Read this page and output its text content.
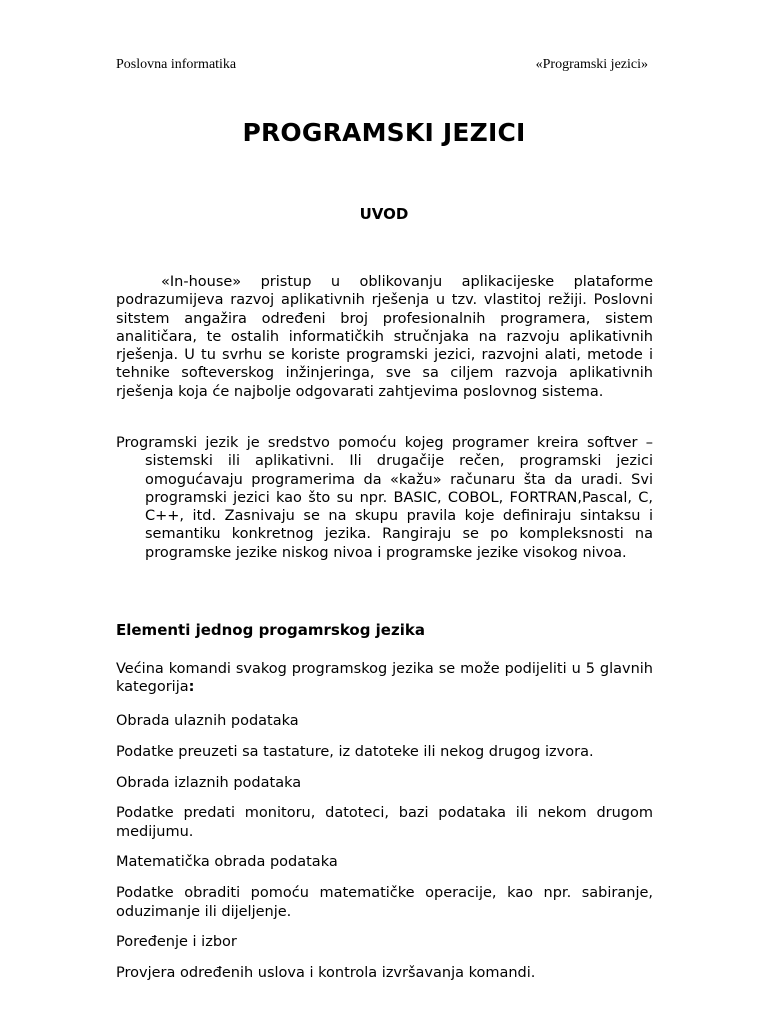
Poslovna informatika	«Programski jezici»
PROGRAMSKI JEZICI
UVOD

«In-house» pristup u oblikovanju aplikacijeske plataforme podrazumijeva razvoj aplikativnih rješenja u tzv. vlastitoj režiji. Poslovni sitstem angažira određeni broj profesionalnih programera, sistem analitičara, te ostalih informatičkih stručnjaka na razvoju aplikativnih rješenja. U tu svrhu se koriste programski jezici, razvojni alati, metode i tehnike softeverskog inžinjeringa, sve sa ciljem razvoja aplikativnih rješenja koja će najbolje odgovarati zahtjevima poslovnog sistema.

Programski jezik je sredstvo pomoću kojeg programer kreira softver – sistemski ili aplikativni. Ili drugačije rečen, programski jezici omogućavaju programerima da «kažu» računaru šta da uradi. Svi programski jezici kao što su npr. BASIC, COBOL, FORTRAN,Pascal, C, C++, itd. Zasnivaju se na skupu pravila koje definiraju sintaksu i semantiku konkretnog jezika. Rangiraju se po kompleksnosti na programske jezike niskog nivoa i programske jezike visokog nivoa.

Elementi jednog progamrskog jezika

Većina komandi svakog programskog jezika se može podijeliti u 5 glavnih kategorija:

Obrada ulaznih podataka

Podatke preuzeti sa tastature, iz datoteke ili nekog drugog izvora.

Obrada izlaznih podataka

Podatke predati monitoru, datoteci, bazi podataka ili nekom drugom medijumu.

Matematička obrada podataka

Podatke obraditi pomoću matematičke operacije, kao npr. sabiranje, oduzimanje ili dijeljenje.

Poređenje i izbor

Provjera određenih uslova i kontrola izvršavanja komandi.
